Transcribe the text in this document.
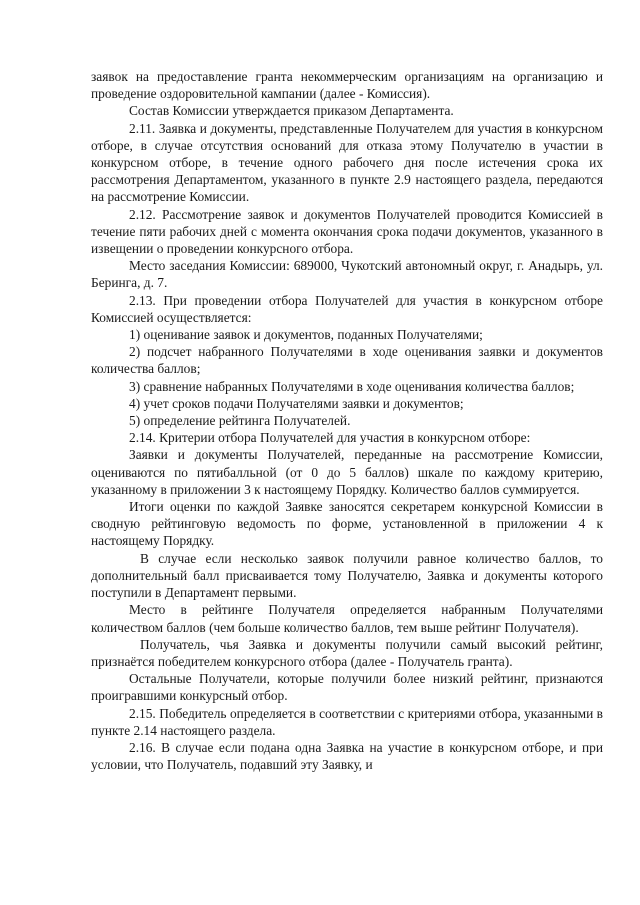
заявок на предоставление гранта некоммерческим организациям на организацию и проведение оздоровительной кампании (далее - Комиссия).

Состав Комиссии утверждается приказом Департамента.

2.11. Заявка и документы, представленные Получателем для участия в конкурсном отборе, в случае отсутствия оснований для отказа этому Получателю в участии в конкурсном отборе, в течение одного рабочего дня после истечения срока их рассмотрения Департаментом, указанного в пункте 2.9 настоящего раздела, передаются на рассмотрение Комиссии.

2.12. Рассмотрение заявок и документов Получателей проводится Комиссией в течение пяти рабочих дней с момента окончания срока подачи документов, указанного в извещении о проведении конкурсного отбора.

Место заседания Комиссии: 689000, Чукотский автономный округ, г. Анадырь, ул. Беринга, д. 7.

2.13. При проведении отбора Получателей для участия в конкурсном отборе Комиссией осуществляется:

1) оценивание заявок и документов, поданных Получателями;

2) подсчет набранного Получателями в ходе оценивания заявки и документов количества баллов;

3) сравнение набранных Получателями в ходе оценивания количества баллов;

4) учет сроков подачи Получателями заявки и документов;

5) определение рейтинга Получателей.

2.14. Критерии отбора Получателей для участия в конкурсном отборе:

Заявки и документы Получателей, переданные на рассмотрение Комиссии, оцениваются по пятибалльной (от 0 до 5 баллов) шкале по каждому критерию, указанному в приложении 3 к настоящему Порядку. Количество баллов суммируется.

Итоги оценки по каждой Заявке заносятся секретарем конкурсной Комиссии в сводную рейтинговую ведомость по форме, установленной в приложении 4 к настоящему Порядку.

В случае если несколько заявок получили равное количество баллов, то дополнительный балл присваивается тому Получателю, Заявка и документы которого поступили в Департамент первыми.

Место в рейтинге Получателя определяется набранным Получателями количеством баллов (чем больше количество баллов, тем выше рейтинг Получателя).

Получатель, чья Заявка и документы получили самый высокий рейтинг, признаётся победителем конкурсного отбора (далее - Получатель гранта).

Остальные Получатели, которые получили более низкий рейтинг, признаются проигравшими конкурсный отбор.

2.15. Победитель определяется в соответствии с критериями отбора, указанными в пункте 2.14 настоящего раздела.

2.16. В случае если подана одна Заявка на участие в конкурсном отборе, и при условии, что Получатель, подавший эту Заявку, и
